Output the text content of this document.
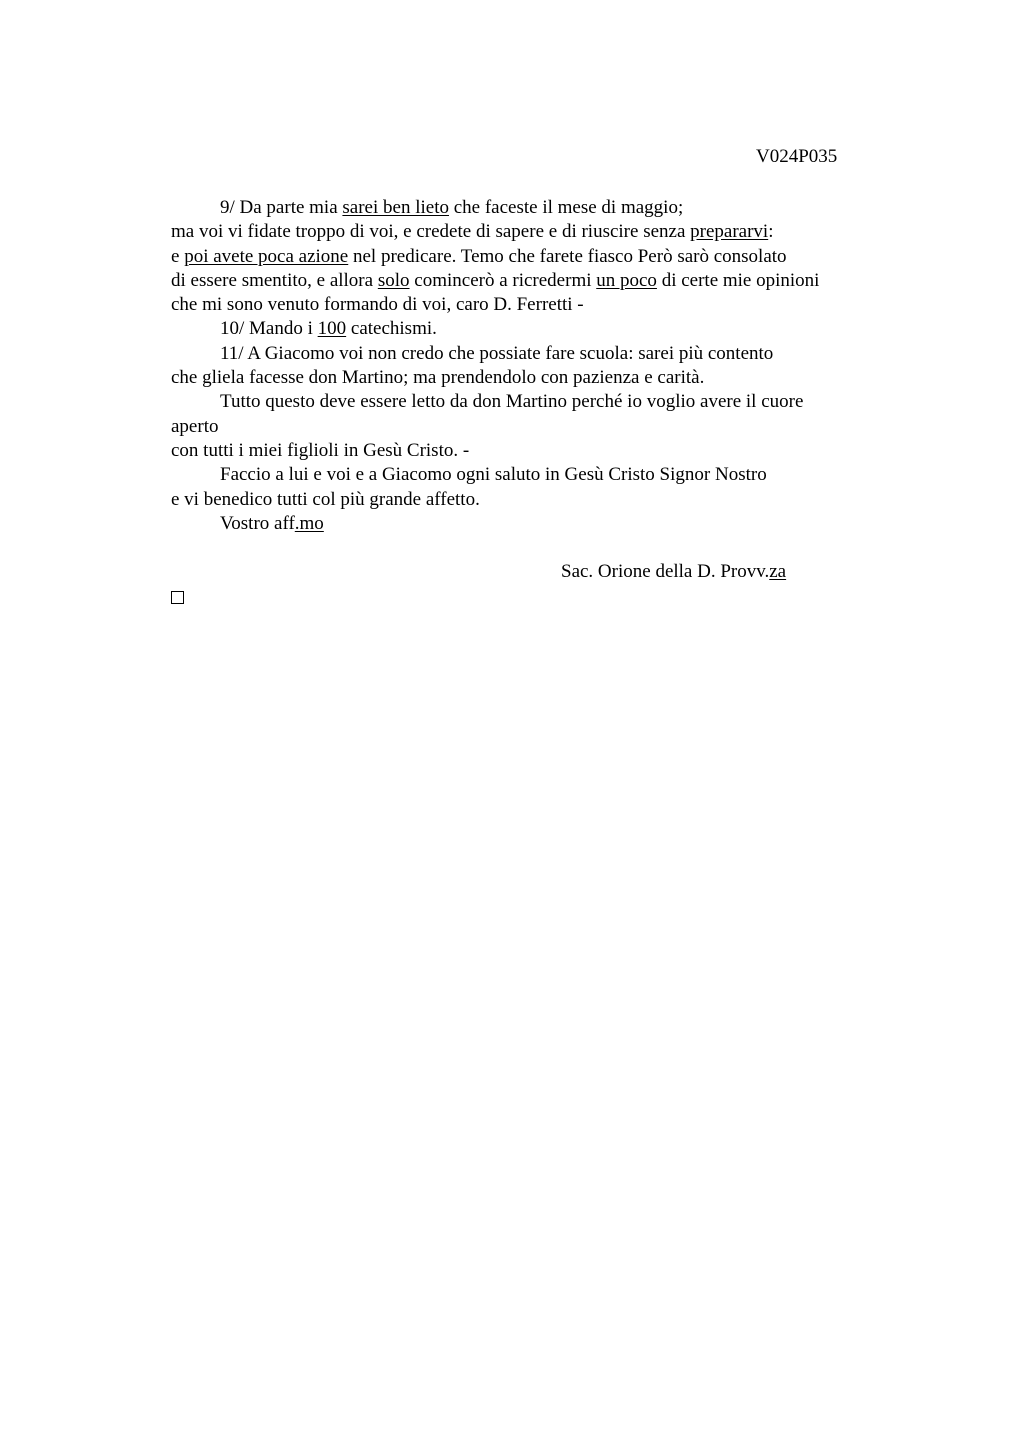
V024P035
9/ Da parte mia sarei ben lieto che faceste il mese di maggio;
ma voi vi fidate troppo di voi, e credete di sapere e di riuscire senza prepararvi:
e poi avete poca azione nel predicare. Temo che farete fiasco Però sarò consolato
di essere smentito, e allora solo comincerò a ricredermi un poco di certe mie opinioni
che mi sono venuto formando di voi, caro D. Ferretti -
10/ Mando i 100 catechismi.
11/ A Giacomo voi non credo che possiate fare scuola: sarei più contento
che gliela facesse don Martino; ma prendendolo con pazienza e carità.
Tutto questo deve essere letto da don Martino perché io voglio avere il cuore
aperto
con tutti i miei figlioli in Gesù Cristo. -
Faccio a lui e voi e a Giacomo ogni saluto in Gesù Cristo Signor Nostro
e vi benedico tutti col più grande affetto.
Vostro aff.mo
Sac. Orione della D. Provv.za
